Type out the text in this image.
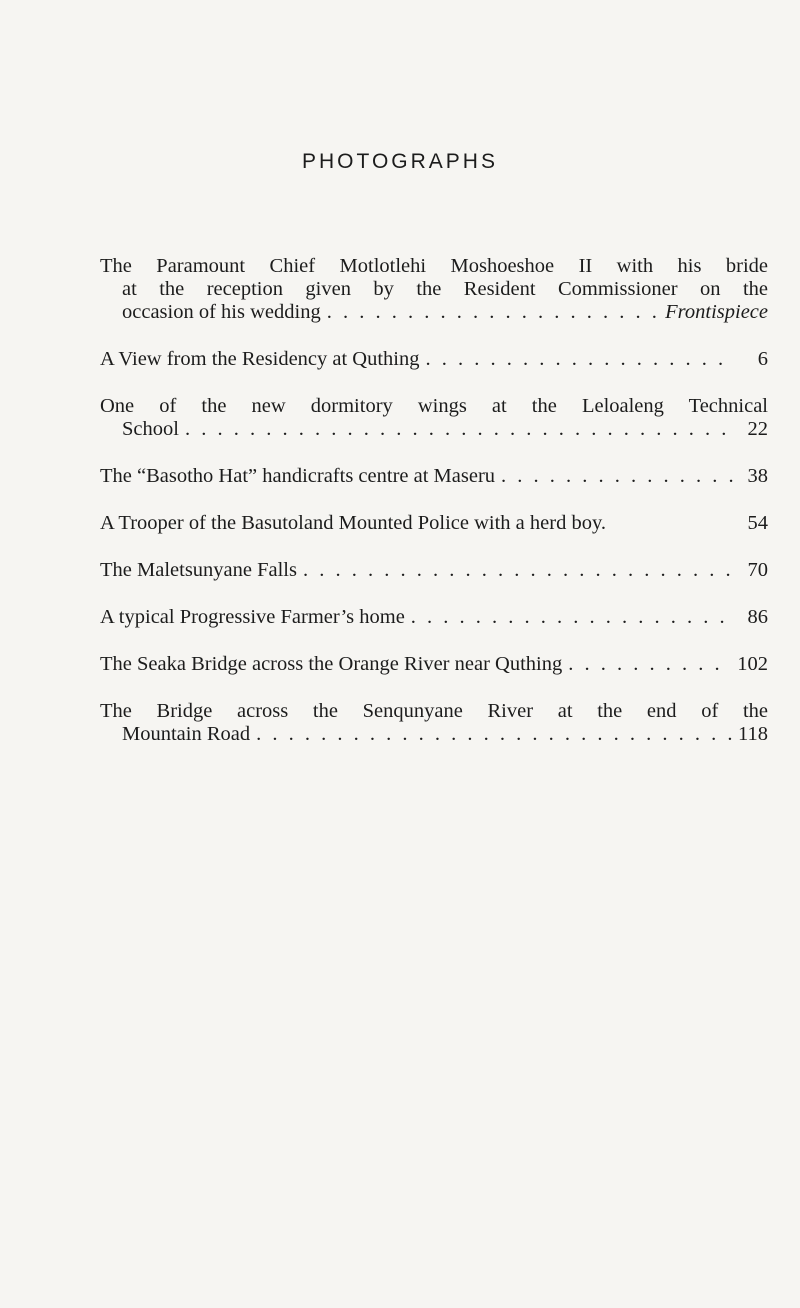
PHOTOGRAPHS
The Paramount Chief Motlotlehi Moshoeshoe II with his bride
at the reception given by the Resident Commissioner on the
occasion of his wedding . . .	Frontispiece
A View from the Residency at Quthing . . .	6
One of the new dormitory wings at the Leloaleng Technical
School . . .	22
The “Basotho Hat” handicrafts centre at Maseru . . .	38
A Trooper of the Basutoland Mounted Police with a herd boy.	54
The Maletsunyane Falls . . .	70
A typical Progressive Farmer’s home . . .	86
The Seaka Bridge across the Orange River near Quthing . . .	102
The Bridge across the Senqunyane River at the end of the
Mountain Road . . .	118
